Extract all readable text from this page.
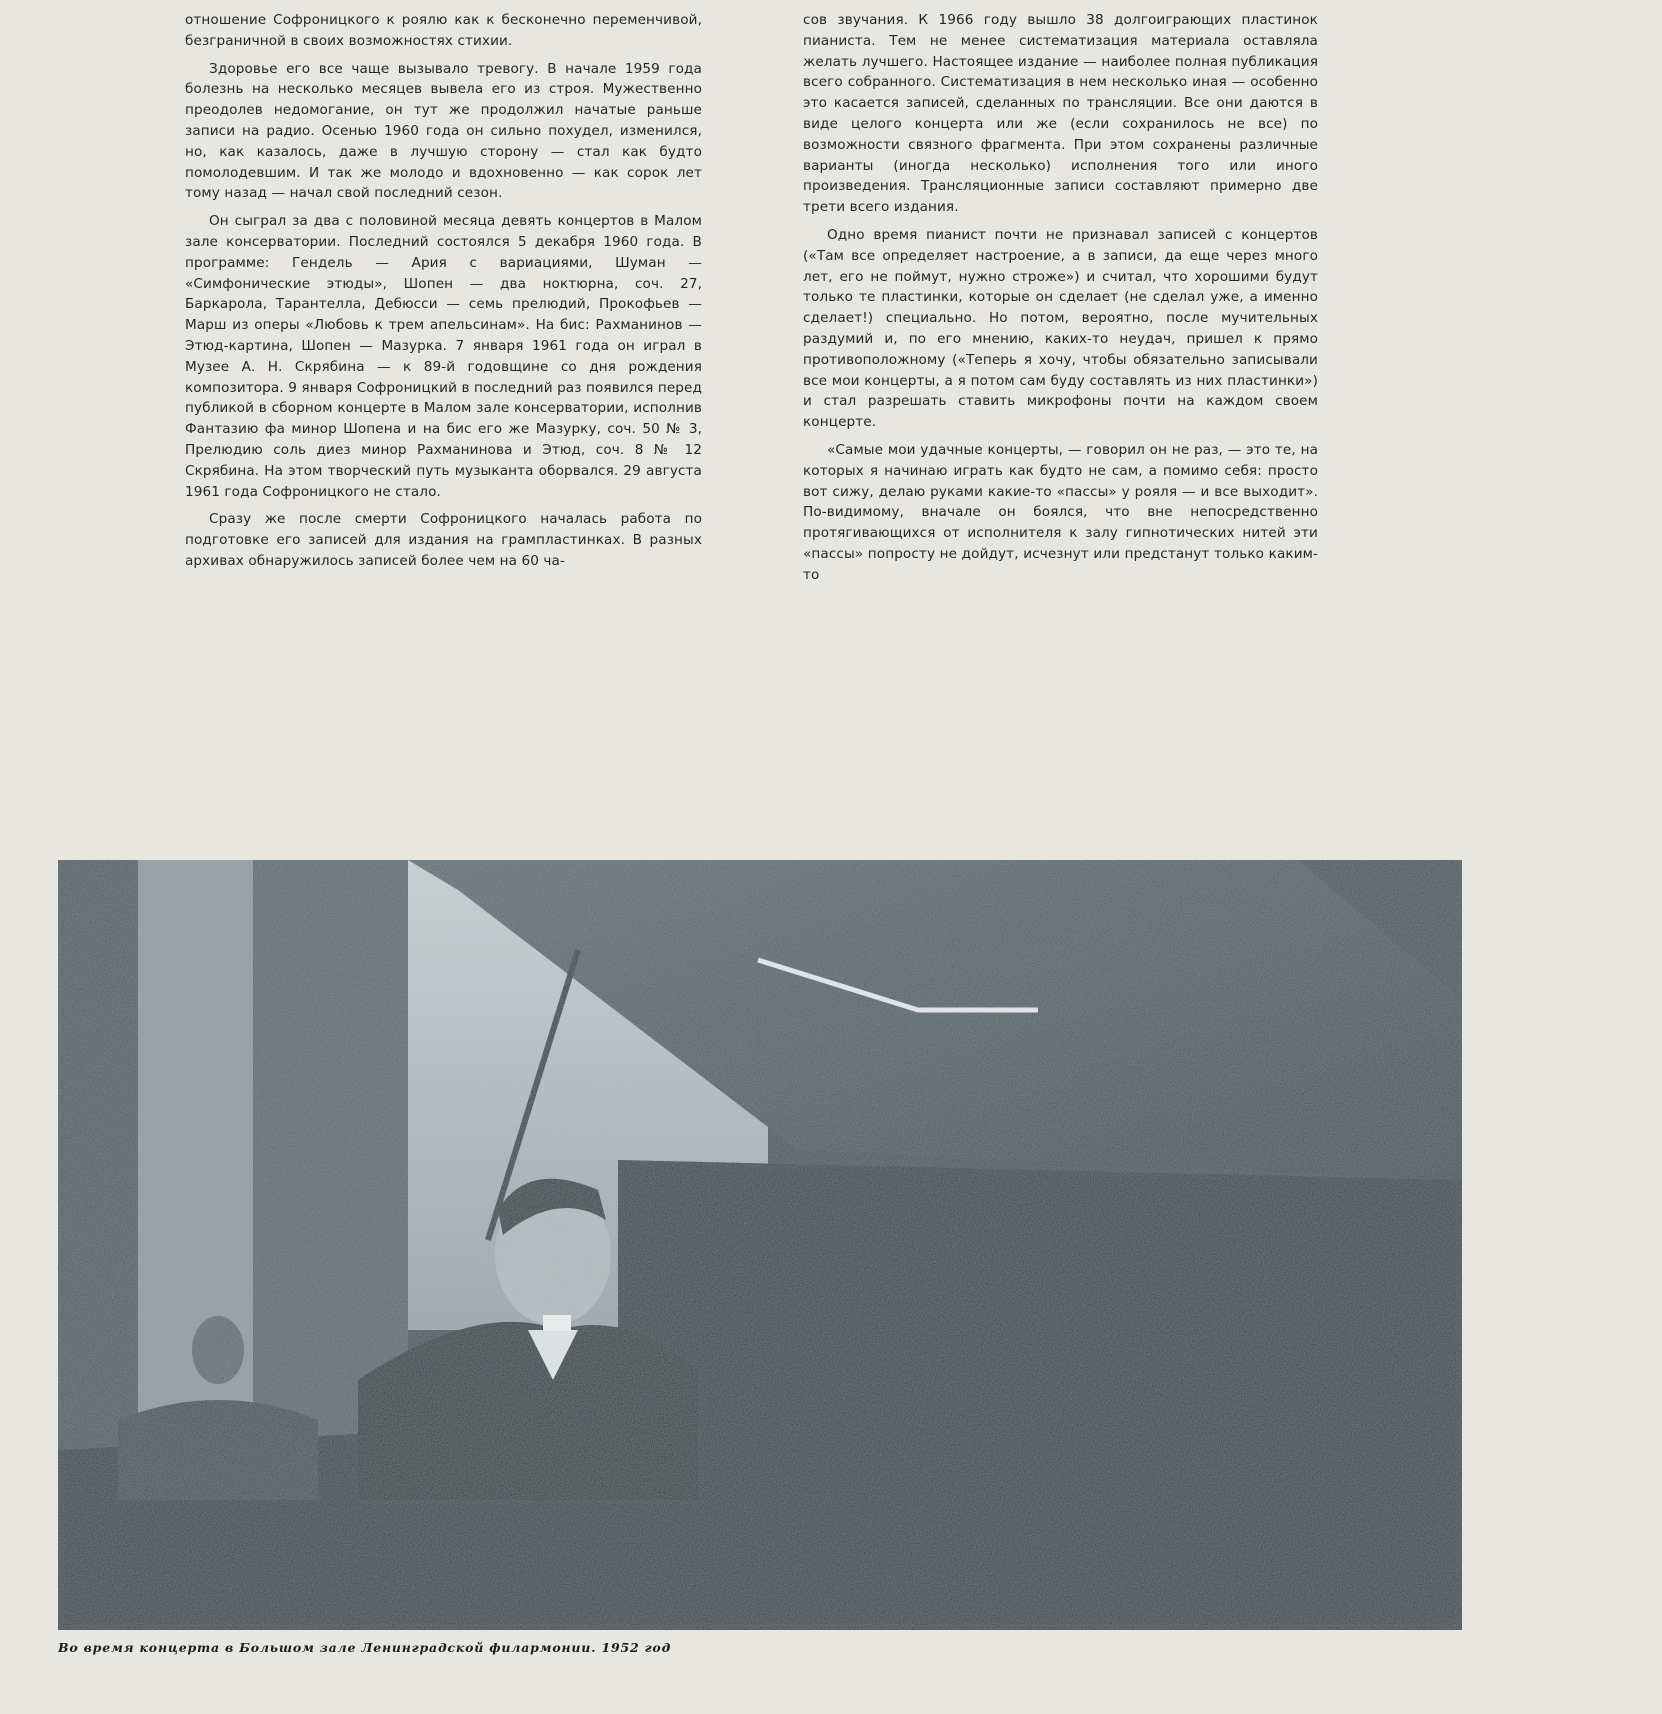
отношение Софроницкого к роялю как к бесконечно переменчивой, безграничной в своих возможностях стихии.

Здоровье его все чаще вызывало тревогу. В начале 1959 года болезнь на несколько месяцев вывела его из строя. Мужественно преодолев недомогание, он тут же продолжил начатые раньше записи на радио. Осенью 1960 года он сильно похудел, изменился, но, как казалось, даже в лучшую сторону — стал как будто помолодевшим. И так же молодо и вдохновенно — как сорок лет тому назад — начал свой последний сезон.

Он сыграл за два с половиной месяца девять концертов в Малом зале консерватории. Последний состоялся 5 декабря 1960 года. В программе: Гендель — Ария с вариациями, Шуман — «Симфонические этюды», Шопен — два ноктюрна, соч. 27, Баркарола, Тарантелла, Дебюсси — семь прелюдий, Прокофьев — Марш из оперы «Любовь к трем апельсинам». На бис: Рахманинов — Этюд-картина, Шопен — Мазурка. 7 января 1961 года он играл в Музее А. Н. Скрябина — к 89-й годовщине со дня рождения композитора. 9 января Софроницкий в последний раз появился перед публикой в сборном концерте в Малом зале консерватории, исполнив Фантазию фа минор Шопена и на бис его же Мазурку, соч. 50 № 3, Прелюдию соль диез минор Рахманинова и Этюд, соч. 8 № 12 Скрябина. На этом творческий путь музыканта оборвался. 29 августа 1961 года Софроницкого не стало.

Сразу же после смерти Софроницкого началась работа по подготовке его записей для издания на грампластинках. В разных архивах обнаружилось записей более чем на 60 ча-

сов звучания. К 1966 году вышло 38 долгоиграющих пластинок пианиста. Тем не менее систематизация материала оставляла желать лучшего. Настоящее издание — наиболее полная публикация всего собранного. Систематизация в нем несколько иная — особенно это касается записей, сделанных по трансляции. Все они даются в виде целого концерта или же (если сохранилось не все) по возможности связного фрагмента. При этом сохранены различные варианты (иногда несколько) исполнения того или иного произведения. Трансляционные записи составляют примерно две трети всего издания.

Одно время пианист почти не признавал записей с концертов («Там все определяет настроение, а в записи, да еще через много лет, его не поймут, нужно строже») и считал, что хорошими будут только те пластинки, которые он сделает (не сделал уже, а именно сделает!) специально. Но потом, вероятно, после мучительных раздумий и, по его мнению, каких-то неудач, пришел к прямо противоположному («Теперь я хочу, чтобы обязательно записывали все мои концерты, а я потом сам буду составлять из них пластинки») и стал разрешать ставить микрофоны почти на каждом своем концерте.

«Самые мои удачные концерты, — говорил он не раз, — это те, на которых я начинаю играть как будто не сам, а помимо себя: просто вот сижу, делаю руками какие-то «пассы» у рояля — и все выходит». По-видимому, вначале он боялся, что вне непосредственно протягивающихся от исполнителя к залу гипнотических нитей эти «пассы» попросту не дойдут, исчезнут или предстанут только каким-то

Во время концерта в Большом зале Ленинградской филармонии. 1952 год
